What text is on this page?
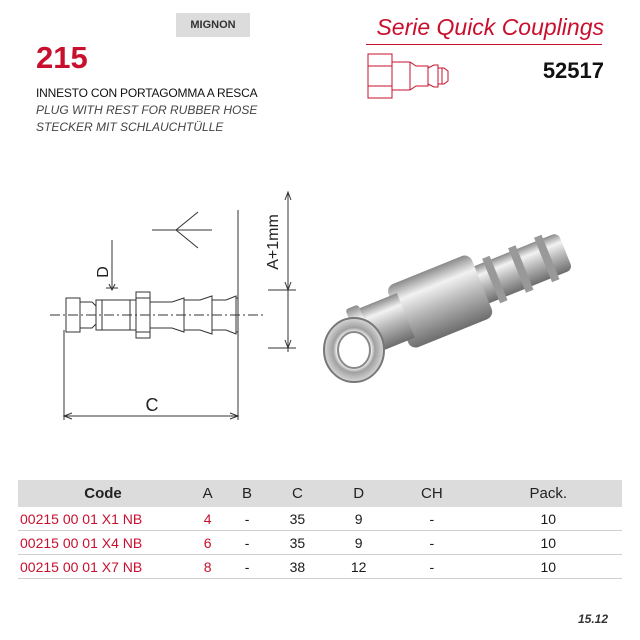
MIGNON	Serie Quick Couplings
52517
215
INNESTO CON PORTAGOMMA A RESCA
PLUG WITH REST FOR RUBBER HOSE
STECKER MIT SCHLAUCHTÜLLE
D
A+1mm
C
Code	A	B	C	D	CH	Pack.
00215 00 01 X1 NB	4	-	35	9	-	10
00215 00 01 X4 NB	6	-	35	9	-	10
00215 00 01 X7 NB	8	-	38	12	-	10
15.12
